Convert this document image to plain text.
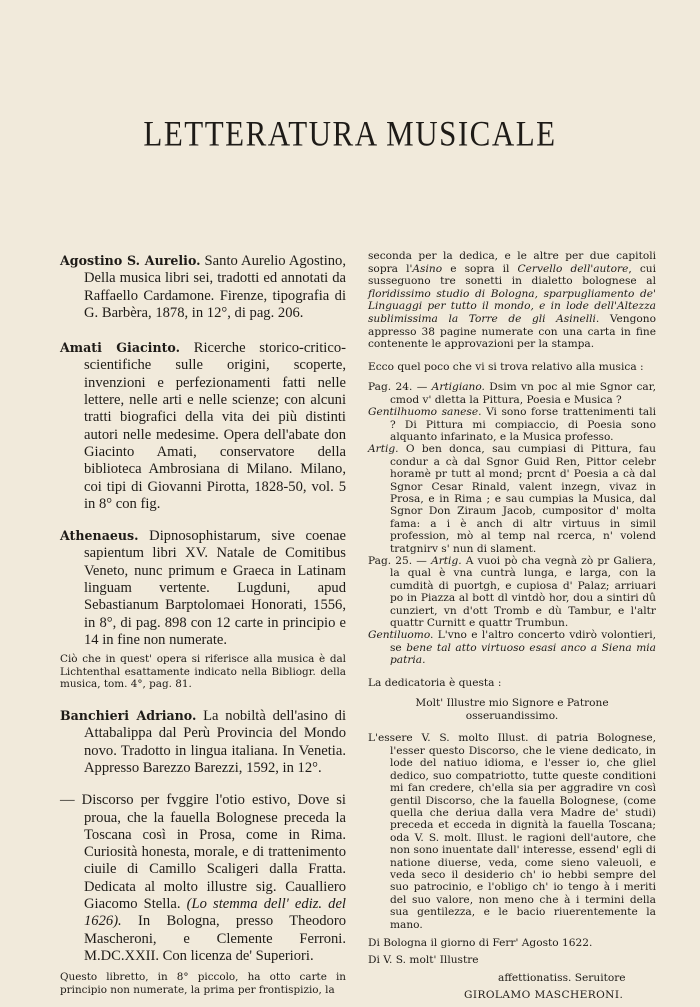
LETTERATURA MUSICALE
Agostino S. Aurelio. Santo Aurelio Agostino, Della musica libri sei, tradotti ed annotati da Raffaello Cardamone. Firenze, tipografia di G. Barbèra, 1878, in 12°, di pag. 206.
Amati Giacinto. Ricerche storico-critico-scientifiche sulle origini, scoperte, invenzioni e perfezionamenti fatti nelle lettere, nelle arti e nelle scienze; con alcuni tratti biografici della vita dei più distinti autori nelle medesime. Opera dell'abate don Giacinto Amati, conservatore della biblioteca Ambrosiana di Milano. Milano, coi tipi di Giovanni Pirotta, 1828-50, vol. 5 in 8° con fig.
Athenaeus. Dipnosophistarum, sive coenae sapientum libri XV. Natale de Comitibus Veneto, nunc primum e Graeca in Latinam linguam vertente. Lugduni, apud Sebastianum Barptolomaei Honorati, 1556, in 8°, di pag. 898 con 12 carte in principio e 14 in fine non numerate.
Ciò che in quest' opera si riferisce alla musica è dal Lichtenthal esattamente indicato nella Bibliogr. della musica, tom. 4°, pag. 81.
Banchieri Adriano. La nobiltà dell'asino di Attabalippa dal Perù Provincia del Mondo novo. Tradotto in lingua italiana. In Venetia. Appresso Barezzo Barezzi, 1592, in 12°.
— Discorso per fvggire l'otio estivo, Dove si proua, che la fauella Bolognese preceda la Toscana così in Prosa, come in Rima. Curiosità honesta, morale, e di trattenimento ciuile di Camillo Scaligeri dalla Fratta. Dedicata al molto illustre sig. Caualliero Giacomo Stella. (Lo stemma dell' ediz. del 1626). In Bologna, presso Theodoro Mascheroni, e Clemente Ferroni. M.DC.XXII. Con licenza de' Superiori.
Questo libretto, in 8° piccolo, ha otto carte in principio non numerate, la prima per frontispizio, la
seconda per la dedica, e le altre per due capitoli sopra l'Asino e sopra il Cervello dell'autore, cui susseguono tre sonetti in dialetto bolognese al floridissimo studio di Bologna, sparpugliamento de' Linguaggi per tutto il mondo, e in lode dell'Altezza sublimissima la Torre de gli Asinelli. Vengono appresso 38 pagine numerate con una carta in fine contenente le approvazioni per la stampa.
Ecco quel poco che vi si trova relativo alla musica :
Pag. 24. — Artigiano. Dsim vn poc al mie Sgnor car, cmod v' dletta la Pittura, Poesia e Musica ?
Gentilhuomo sanese. Vi sono forse trattenimenti tali ? Di Pittura mi compiaccio, di Poesia sono alquanto infarinato, e la Musica professo.
Artig. O ben donca, sau cumpiasi di Pittura, fau condur a cà dal Sgnor Guid Ren, Pittor celebr horamè pr tutt al mond; prcnt d' Poesia a cà dal Sgnor Cesar Rinald, valent inzegn, vivaz in Prosa, e in Rima ; e sau cumpias la Musica, dal Sgnor Don Ziraum Jacob, cumpositor d' molta fama: a i è anch di altr virtuus in simil profession, mò al temp nal rcerca, n' volend tratgnirv s' nun di slament.
Pag. 25. — Artig. A vuoi pò cha vegnà zò pr Galiera, la qual è vna cuntrà lunga, e larga, con la cumdità di puortgh, e cupiosa d' Palaz; arriuari po in Piazza al bott dl vintdò hor, dou a sintiri dû cunziert, vn d'ott Tromb e dù Tambur, e l'altr quattr Curnitt e quattr Trumbun.
Gentiluomo. L'vno e l'altro concerto vdirò volontieri, se bene tal atto virtuoso esasi anco a Siena mia patria.
La dedicatoria è questa :
Molt' Illustre mio Signore e Patrone
osseruandissimo.
L'essere V. S. molto Illust. di patria Bolognese, l'esser questo Discorso, che le viene dedicato, in lode del natiuo idioma, e l'esser io, che gliel dedico, suo compatriotto, tutte queste conditioni mi fan credere, ch'ella sia per aggradire vn così gentil Discorso, che la fauella Bolognese, (come quella che deriua dalla vera Madre de' studi) preceda et ecceda in dignità la fauella Toscana; oda V. S. molt. Illust. le ragioni dell'autore, che non sono inuentate dall' interesse, essend' egli di natione diuerse, veda, come sieno valeuoli, e veda seco il desiderio ch' io hebbi sempre del suo patrocinio, e l'obligo ch' io tengo à i meriti del suo valore, non meno che à i termini della sua gentilezza, e le bacio riuerentemente la mano.
Di Bologna il giorno di Ferr' Agosto 1622.
Di V. S. molt' Illustre
affettionatiss. Seruitore
GIROLAMO MASCHERONI.
